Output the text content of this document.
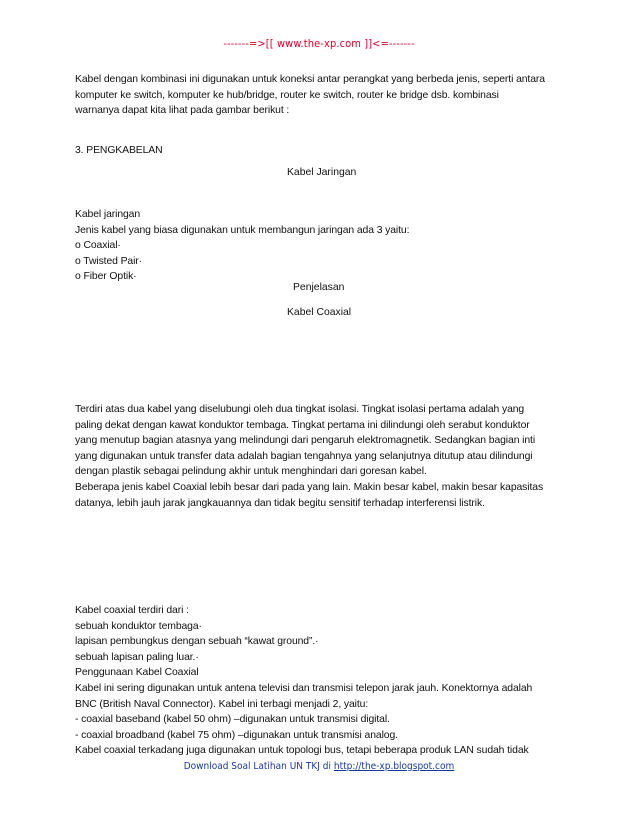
-------=>[[ www.the-xp.com ]]<=-------
Kabel dengan kombinasi ini digunakan untuk koneksi antar perangkat yang berbeda jenis, seperti antara
komputer ke switch, komputer ke hub/bridge, router ke switch, router ke bridge dsb. kombinasi
warnanya dapat kita lihat pada gambar berikut :
3. PENGKABELAN
Kabel Jaringan
Kabel jaringan
Jenis kabel yang biasa digunakan untuk membangun jaringan ada 3 yaitu:
o Coaxial·
o Twisted Pair·
o Fiber Optik·
Penjelasan
Kabel Coaxial
Terdiri atas dua kabel yang diselubungi oleh dua tingkat isolasi. Tingkat isolasi pertama adalah yang
paling dekat dengan kawat konduktor tembaga. Tingkat pertama ini dilindungi oleh serabut konduktor
yang menutup bagian atasnya yang melindungi dari pengaruh elektromagnetik. Sedangkan bagian inti
yang digunakan untuk transfer data adalah bagian tengahnya yang selanjutnya ditutup atau dilindungi
dengan plastik sebagai pelindung akhir untuk menghindari dari goresan kabel.
Beberapa jenis kabel Coaxial lebih besar dari pada yang lain. Makin besar kabel, makin besar kapasitas
datanya, lebih jauh jarak jangkauannya dan tidak begitu sensitif terhadap interferensi listrik.
Kabel coaxial terdiri dari :
sebuah konduktor tembaga·
lapisan pembungkus dengan sebuah “kawat ground”.·
sebuah lapisan paling luar.·
Penggunaan Kabel Coaxial
Kabel ini sering digunakan untuk antena televisi dan transmisi telepon jarak jauh. Konektornya adalah
BNC (British Naval Connector). Kabel ini terbagi menjadi 2, yaitu:
- coaxial baseband (kabel 50 ohm) –digunakan untuk transmisi digital.
- coaxial broadband (kabel 75 ohm) –digunakan untuk transmisi analog.
Kabel coaxial terkadang juga digunakan untuk topologi bus, tetapi beberapa produk LAN sudah tidak
Download Soal Latihan UN TKJ di http://the-xp.blogspot.com
